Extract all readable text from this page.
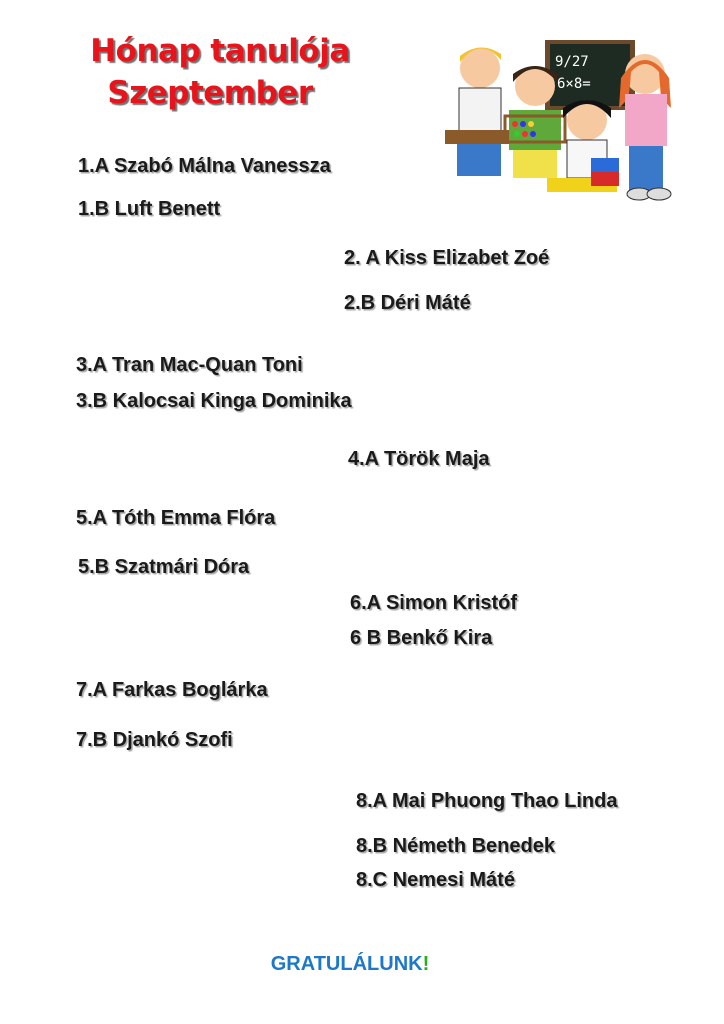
Hónap tanulója
Szeptember
9/27
6×8=
1.A Szabó Málna Vanessza
1.B Luft Benett
2. A Kiss Elizabet Zoé
2.B Déri Máté
3.A Tran Mac-Quan Toni
3.B Kalocsai Kinga Dominika
4.A Török Maja
5.A Tóth Emma Flóra
5.B Szatmári Dóra
6.A Simon Kristóf
6 B Benkő Kira
7.A Farkas Boglárka
7.B Djankó Szofi
8.A Mai Phuong Thao Linda
8.B Németh Benedek
8.C Nemesi Máté
GRATULÁLUNK!
